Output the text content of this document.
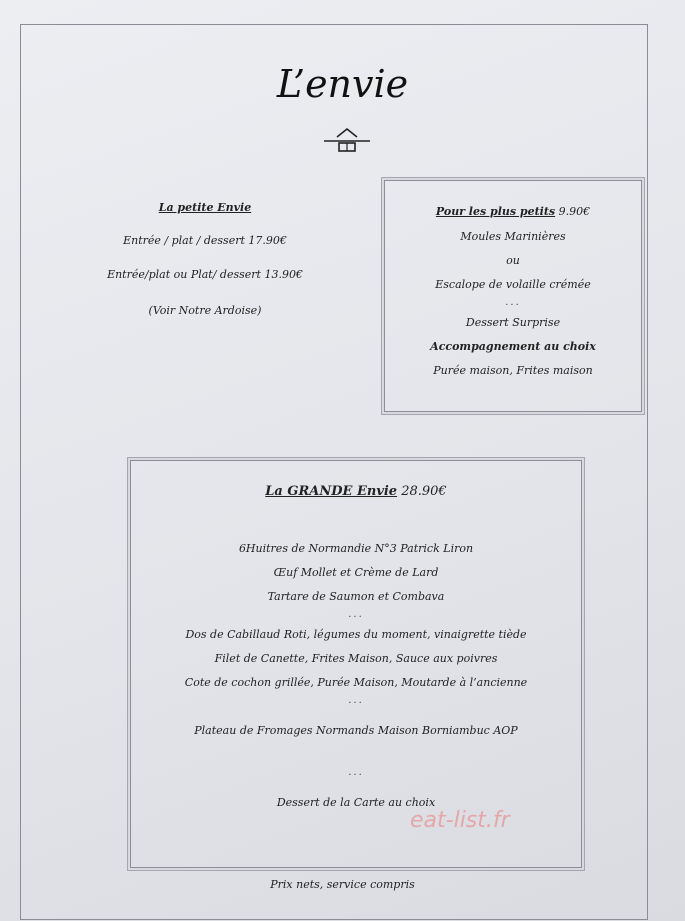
L’envie
La petite Envie
Entrée / plat / dessert 17.90€
Entrée/plat ou Plat/ dessert 13.90€
(Voir Notre Ardoise)
Pour les plus petits 9.90€
Moules Marinières
ou
Escalope de volaille crémée
...
Dessert Surprise
Accompagnement au choix
Purée maison, Frites maison
La GRANDE Envie 28.90€
6Huitres de Normandie N°3 Patrick Liron
Œuf Mollet et Crème de Lard
Tartare de Saumon et Combava
...
Dos de Cabillaud Roti, légumes du moment, vinaigrette tiède
Filet de Canette, Frites Maison, Sauce aux poivres
Cote de cochon grillée, Purée Maison, Moutarde à l’ancienne
...
Plateau de Fromages Normands Maison Borniambuc AOP
...
Dessert de la Carte au choix
eat-list.fr
Prix nets, service compris
